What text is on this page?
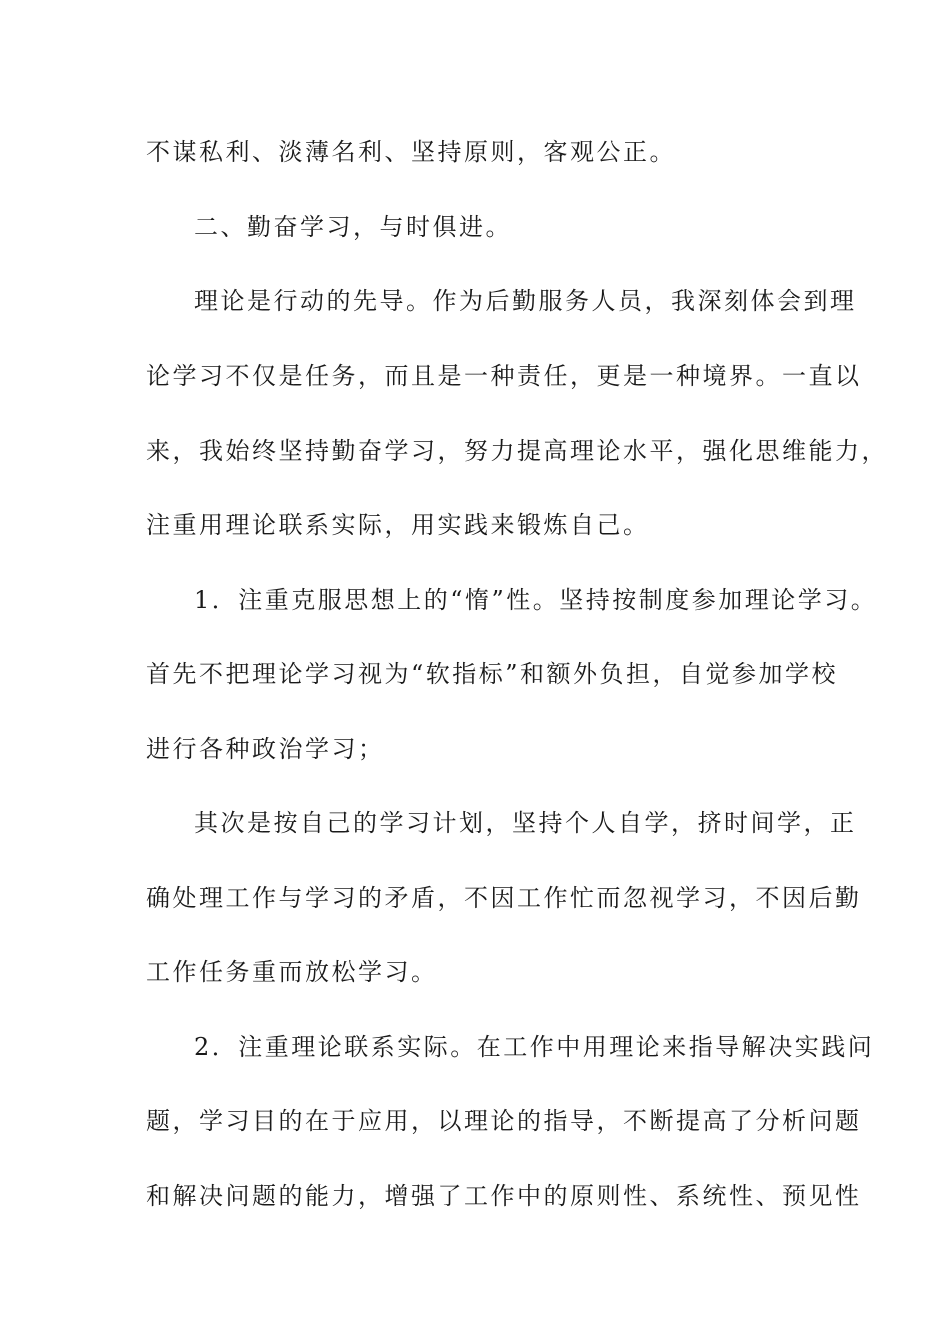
不谋私利、淡薄名利、坚持原则，客观公正。
二、勤奋学习，与时俱进。
理论是行动的先导。作为后勤服务人员，我深刻体会到理
论学习不仅是任务，而且是一种责任，更是一种境界。一直以
来，我始终坚持勤奋学习，努力提高理论水平，强化思维能力，
注重用理论联系实际，用实践来锻炼自己。
1．注重克服思想上的“惰”性。坚持按制度参加理论学习。
首先不把理论学习视为“软指标”和额外负担，自觉参加学校
进行各种政治学习；
其次是按自己的学习计划，坚持个人自学，挤时间学，正
确处理工作与学习的矛盾，不因工作忙而忽视学习，不因后勤
工作任务重而放松学习。
2．注重理论联系实际。在工作中用理论来指导解决实践问
题，学习目的在于应用，以理论的指导，不断提高了分析问题
和解决问题的能力，增强了工作中的原则性、系统性、预见性
